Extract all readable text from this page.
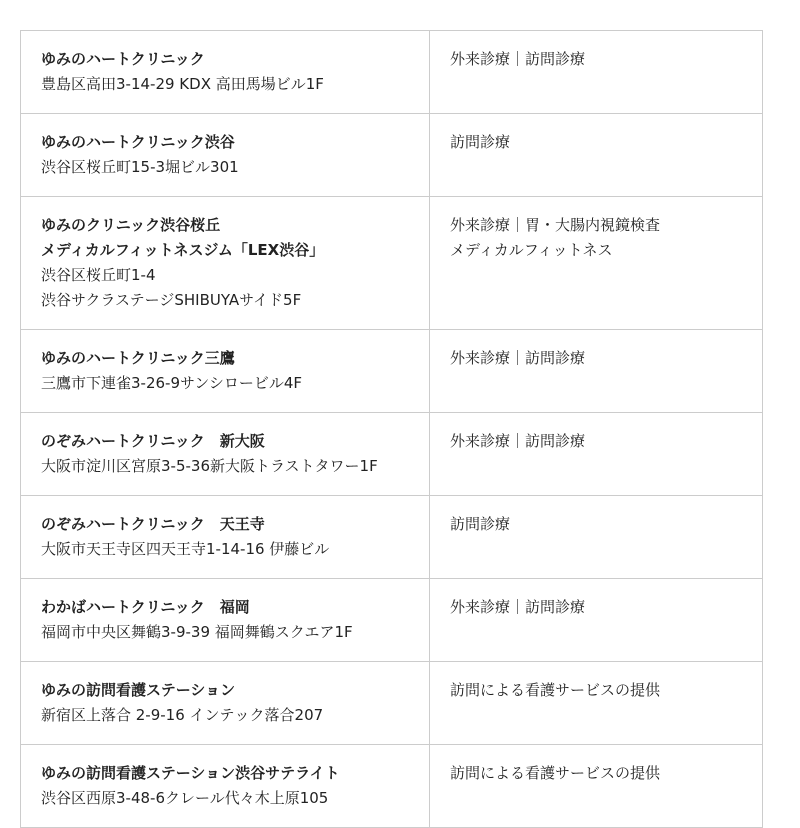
ゆみのハートクリニック
豊島区高田3-14-29 KDX 高田馬場ビル1F	外来診療｜訪問診療

ゆみのハートクリニック渋谷
渋谷区桜丘町15-3堀ビル301	訪問診療

ゆみのクリニック渋谷桜丘
メディカルフィットネスジム「LEX渋谷」
渋谷区桜丘町1-4
渋谷サクラステージSHIBUYAサイド5F	外来診療｜胃・大腸内視鏡検査
メディカルフィットネス

ゆみのハートクリニック三鷹
三鷹市下連雀3-26-9サンシロービル4F	外来診療｜訪問診療

のぞみハートクリニック　新大阪
大阪市淀川区宮原3-5-36新大阪トラストタワー1F	外来診療｜訪問診療

のぞみハートクリニック　天王寺
大阪市天王寺区四天王寺1-14-16 伊藤ビル	訪問診療

わかばハートクリニック　福岡
福岡市中央区舞鶴3-9-39 福岡舞鶴スクエア1F	外来診療｜訪問診療

ゆみの訪問看護ステーション
新宿区上落合 2-9-16 インテック落合207	訪問による看護サービスの提供

ゆみの訪問看護ステーション渋谷サテライト
渋谷区西原3-48-6クレール代々木上原105	訪問による看護サービスの提供
